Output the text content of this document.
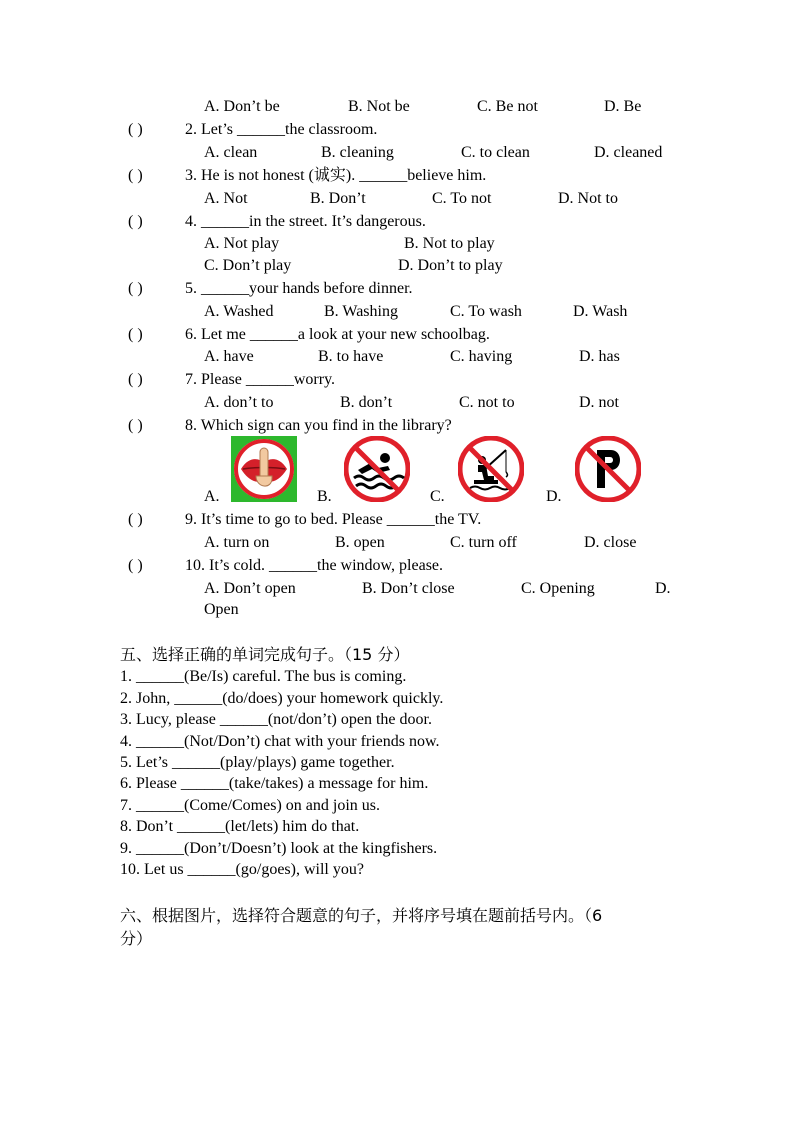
A. Don’t be	B. Not be	C. Be not	D. Be
( )	2. Let’s ______the classroom.
A. clean	B. cleaning	C. to clean	D. cleaned
( )	3. He is not honest (诚实). ______believe him.
A. Not	B. Don’t	C. To not	D. Not to
( )	4. ______in the street. It’s dangerous.
A. Not play	B. Not to play
C. Don’t play	D. Don’t to play
( )	5. ______your hands before dinner.
A. Washed	B. Washing	C. To wash	D. Wash
( )	6. Let me ______a look at your new schoolbag.
A. have	B. to have	C. having	D. has
( )	7. Please ______worry.
A. don’t to	B. don’t	C. not to	D. not
( )	8. Which sign can you find in the library?
A.	B.	C.	D.
( )	9. It’s time to go to bed. Please ______the TV.
A. turn on	B. open	C. turn off	D. close
( )	10. It’s cold. ______the window, please.
A. Don’t open	B. Don’t close	C. Opening	D.
Open
五、选择正确的单词完成句子。（15 分）
1. ______(Be/Is) careful. The bus is coming.
2. John, ______(do/does) your homework quickly.
3. Lucy, please ______(not/don’t) open the door.
4. ______(Not/Don’t) chat with your friends now.
5. Let’s ______(play/plays) game together.
6. Please ______(take/takes) a message for him.
7. ______(Come/Comes) on and join us.
8. Don’t ______(let/lets) him do that.
9. ______(Don’t/Doesn’t) look at the kingfishers.
10. Let us ______(go/goes), will you?
六、根据图片，选择符合题意的句子，并将序号填在题前括号内。（6
分）
